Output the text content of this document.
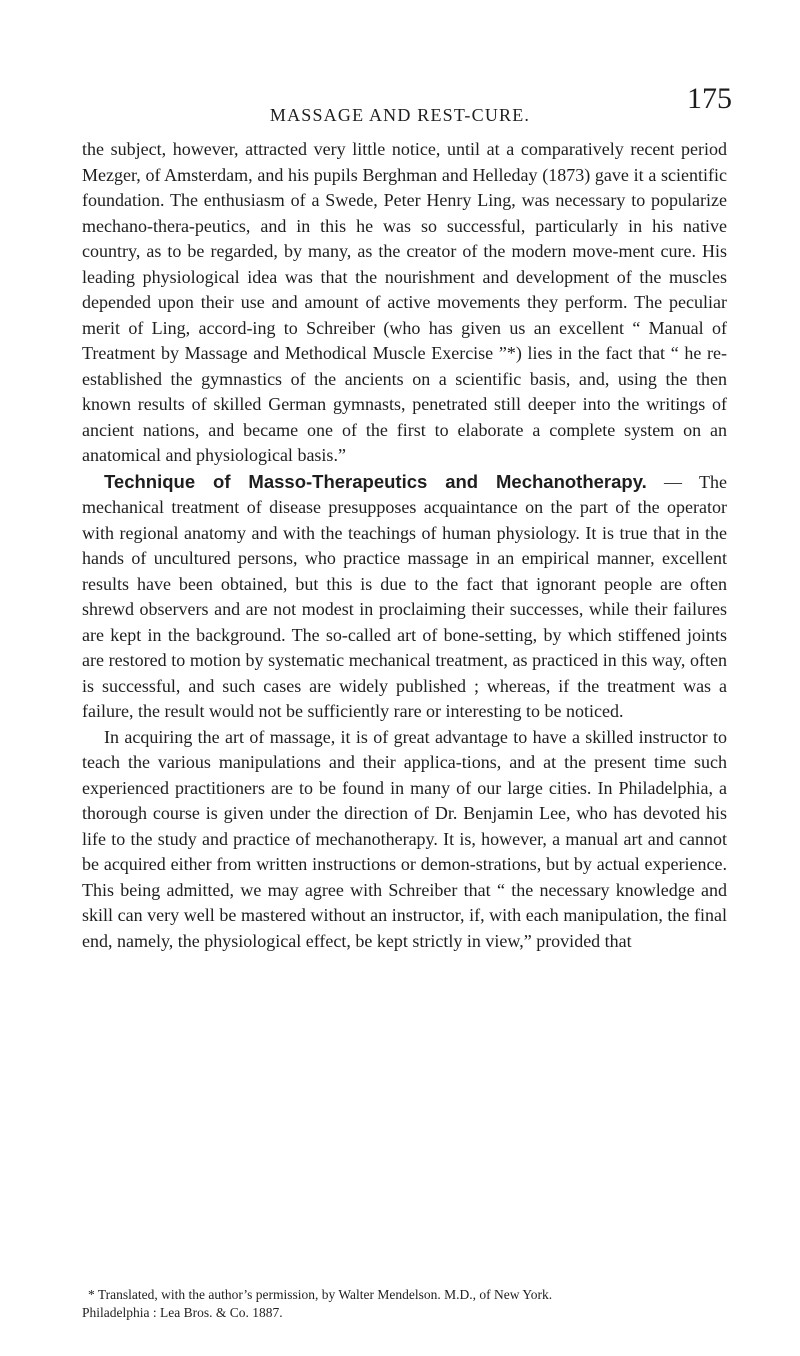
MASSAGE AND REST-CURE.	175

the subject, however, attracted very little notice, until at a comparatively recent period Mezger, of Amsterdam, and his pupils Berghman and Helleday (1873) gave it a scientific foundation. The enthusiasm of a Swede, Peter Henry Ling, was necessary to popularize mechano-thera-peutics, and in this he was so successful, particularly in his native country, as to be regarded, by many, as the creator of the modern move-ment cure. His leading physiological idea was that the nourishment and development of the muscles depended upon their use and amount of active movements they perform. The peculiar merit of Ling, accord-ing to Schreiber (who has given us an excellent “ Manual of Treatment by Massage and Methodical Muscle Exercise ”*) lies in the fact that “ he re-established the gymnastics of the ancients on a scientific basis, and, using the then known results of skilled German gymnasts, penetrated still deeper into the writings of ancient nations, and became one of the first to elaborate a complete system on an anatomical and physiological basis.”

Technique of Masso-Therapeutics and Mechanotherapy. — The mechanical treatment of disease presupposes acquaintance on the part of the operator with regional anatomy and with the teachings of human physiology. It is true that in the hands of uncultured persons, who practice massage in an empirical manner, excellent results have been obtained, but this is due to the fact that ignorant people are often shrewd observers and are not modest in proclaiming their successes, while their failures are kept in the background. The so-called art of bone-setting, by which stiffened joints are restored to motion by systematic mechanical treatment, as practiced in this way, often is successful, and such cases are widely published ; whereas, if the treatment was a failure, the result would not be sufficiently rare or interesting to be noticed.

In acquiring the art of massage, it is of great advantage to have a skilled instructor to teach the various manipulations and their applica-tions, and at the present time such experienced practitioners are to be found in many of our large cities. In Philadelphia, a thorough course is given under the direction of Dr. Benjamin Lee, who has devoted his life to the study and practice of mechanotherapy. It is, however, a manual art and cannot be acquired either from written instructions or demon-strations, but by actual experience. This being admitted, we may agree with Schreiber that “ the necessary knowledge and skill can very well be mastered without an instructor, if, with each manipulation, the final end, namely, the physiological effect, be kept strictly in view,” provided that

* Translated, with the author’s permission, by Walter Mendelson. M.D., of New York.

Philadelphia : Lea Bros. & Co. 1887.
